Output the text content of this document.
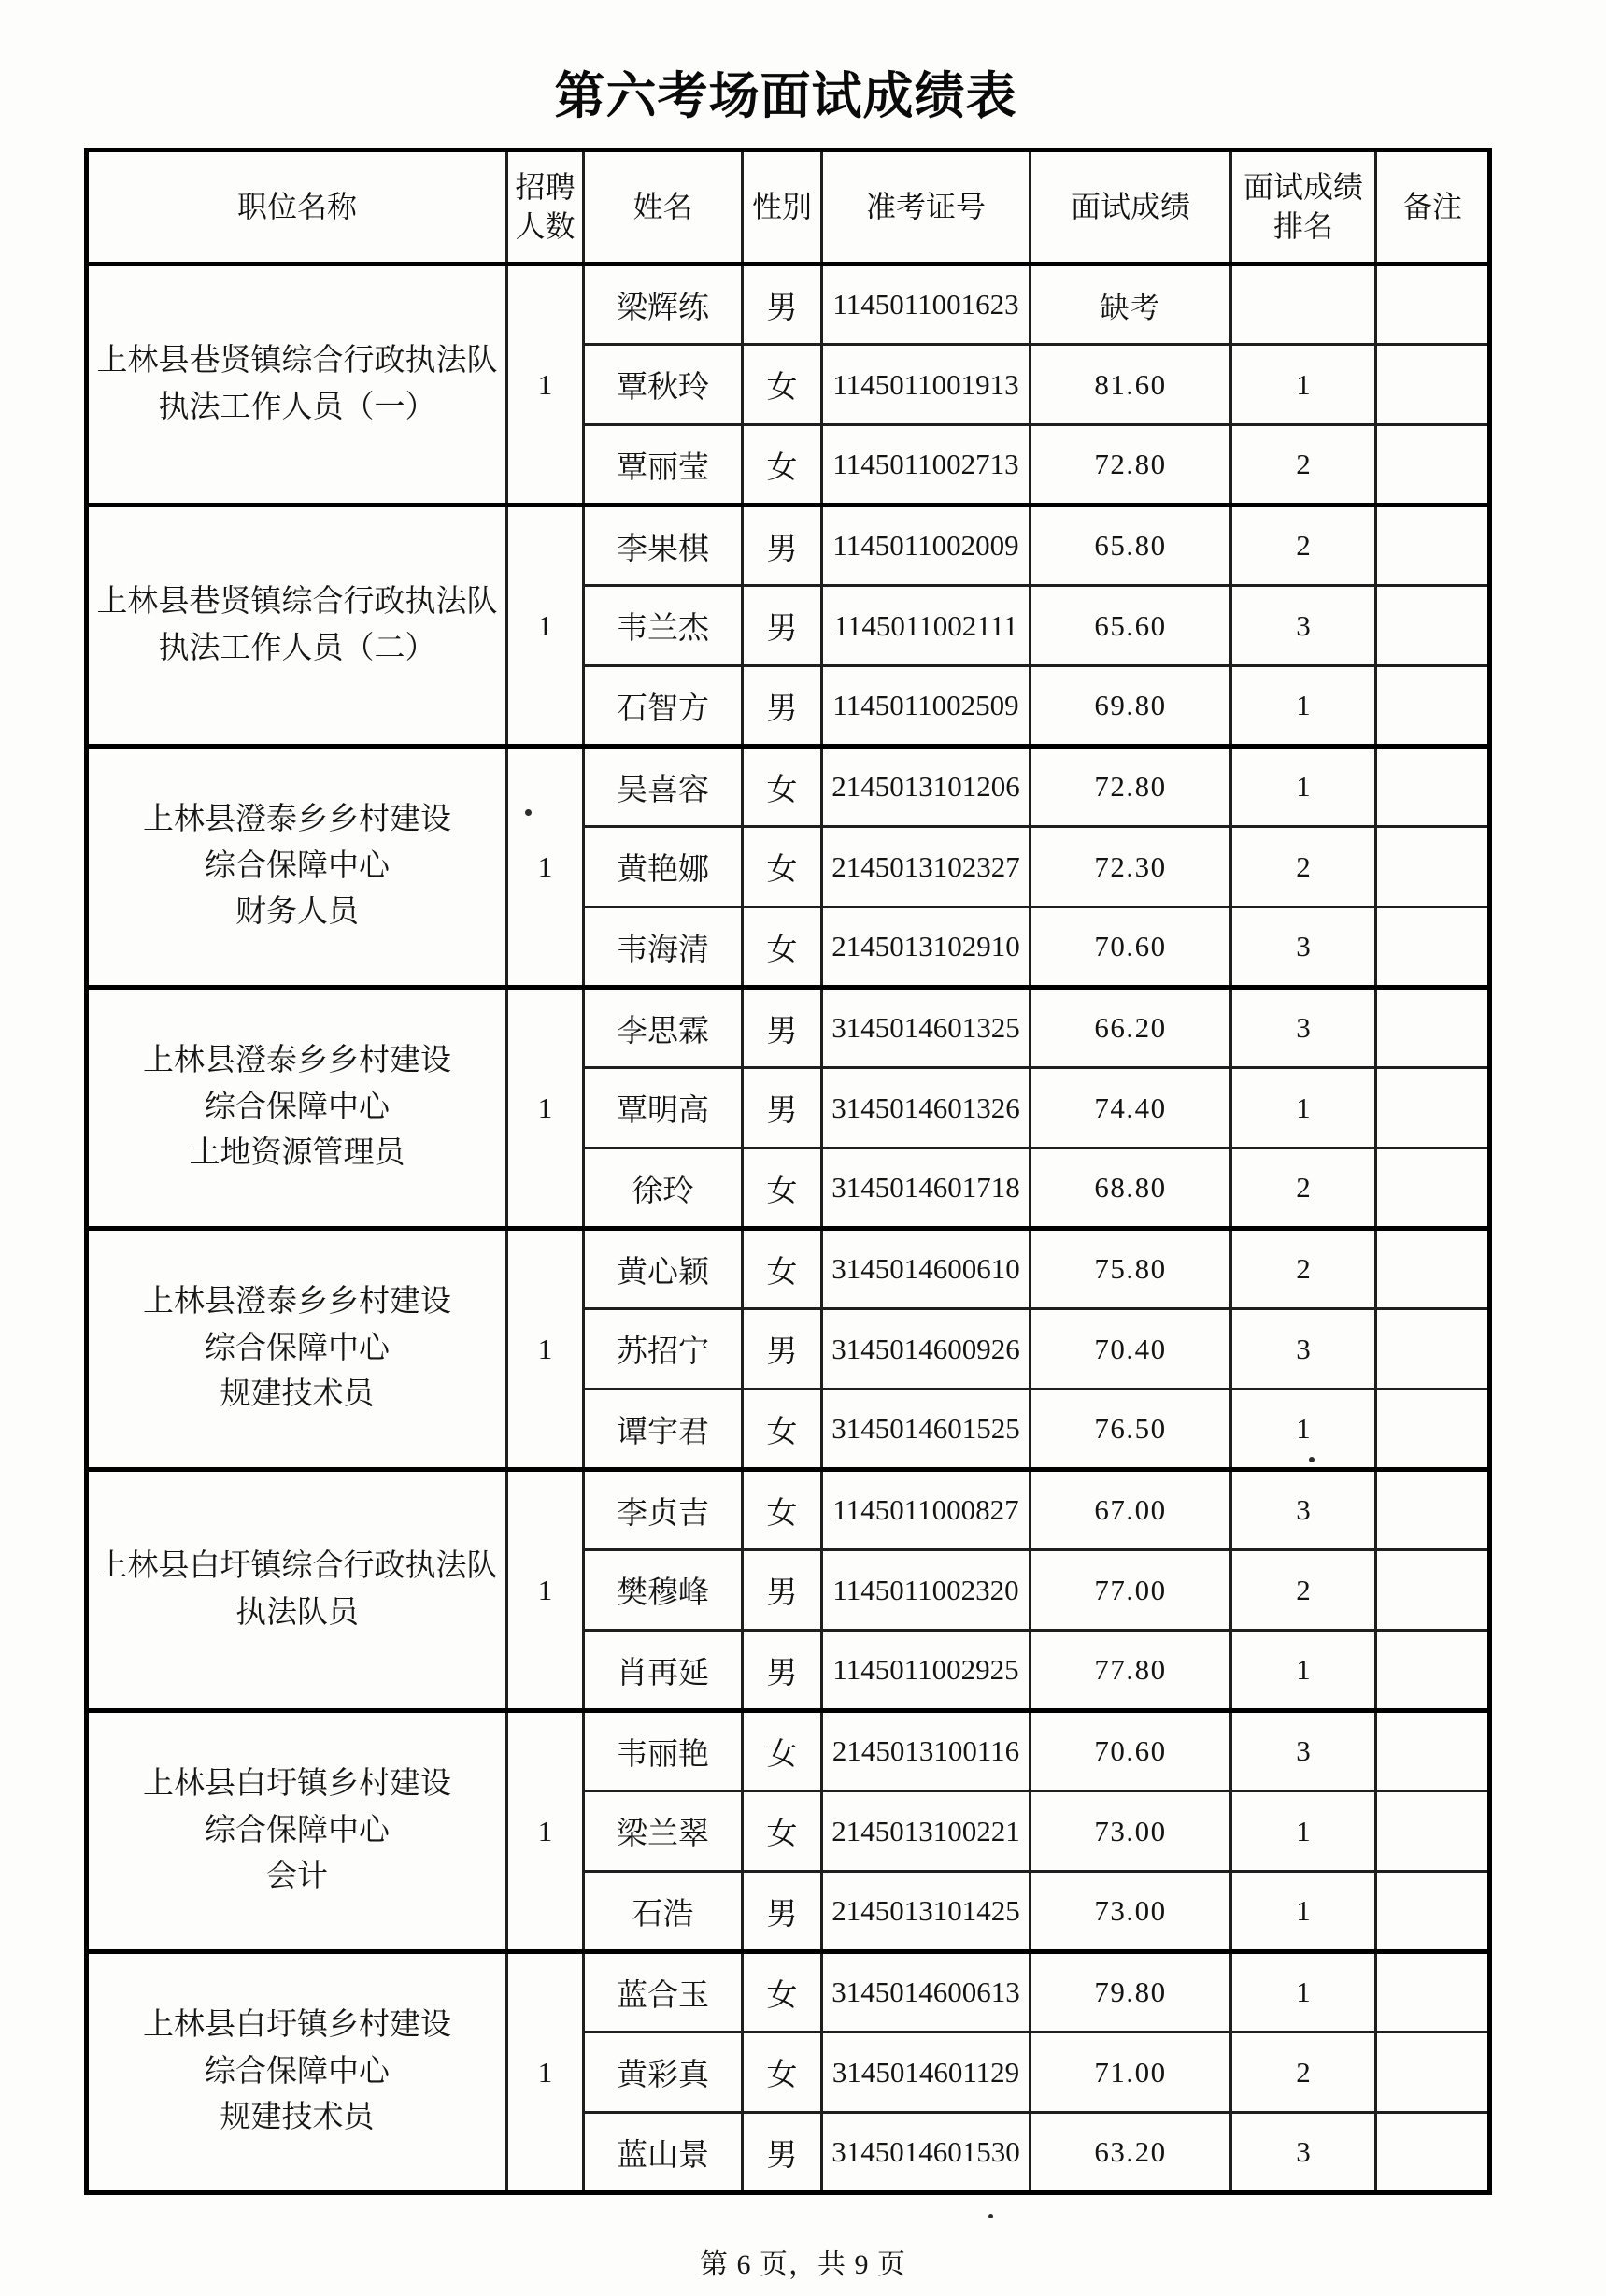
第六考场面试成绩表
职位名称	招聘人数	姓名	性别	准考证号	面试成绩	面试成绩排名	备注

上林县巷贤镇综合行政执法队
执法工作人员（一）	1	梁辉练	男	1145011001623	缺考		
		覃秋玲	女	1145011001913	81.60	1	
		覃丽莹	女	1145011002713	72.80	2	

上林县巷贤镇综合行政执法队
执法工作人员（二）	1	李果棋	男	1145011002009	65.80	2	
		韦兰杰	男	1145011002111	65.60	3	
		石智方	男	1145011002509	69.80	1	

上林县澄泰乡乡村建设
综合保障中心
财务人员	1	吴喜容	女	2145013101206	72.80	1	
		黄艳娜	女	2145013102327	72.30	2	
		韦海清	女	2145013102910	70.60	3	

上林县澄泰乡乡村建设
综合保障中心
土地资源管理员	1	李思霖	男	3145014601325	66.20	3	
		覃明高	男	3145014601326	74.40	1	
		徐玲	女	3145014601718	68.80	2	

上林县澄泰乡乡村建设
综合保障中心
规建技术员	1	黄心颖	女	3145014600610	75.80	2	
		苏招宁	男	3145014600926	70.40	3	
		谭宇君	女	3145014601525	76.50	1	

上林县白圩镇综合行政执法队
执法队员	1	李贞吉	女	1145011000827	67.00	3	
		樊穆峰	男	1145011002320	77.00	2	
		肖再延	男	1145011002925	77.80	1	

上林县白圩镇乡村建设
综合保障中心
会计	1	韦丽艳	女	2145013100116	70.60	3	
		梁兰翠	女	2145013100221	73.00	1	
		石浩	男	2145013101425	73.00	1	

上林县白圩镇乡村建设
综合保障中心
规建技术员	1	蓝合玉	女	3145014600613	79.80	1	
		黄彩真	女	3145014601129	71.00	2	
		蓝山景	男	3145014601530	63.20	3	
第 6 页，共 9 页
